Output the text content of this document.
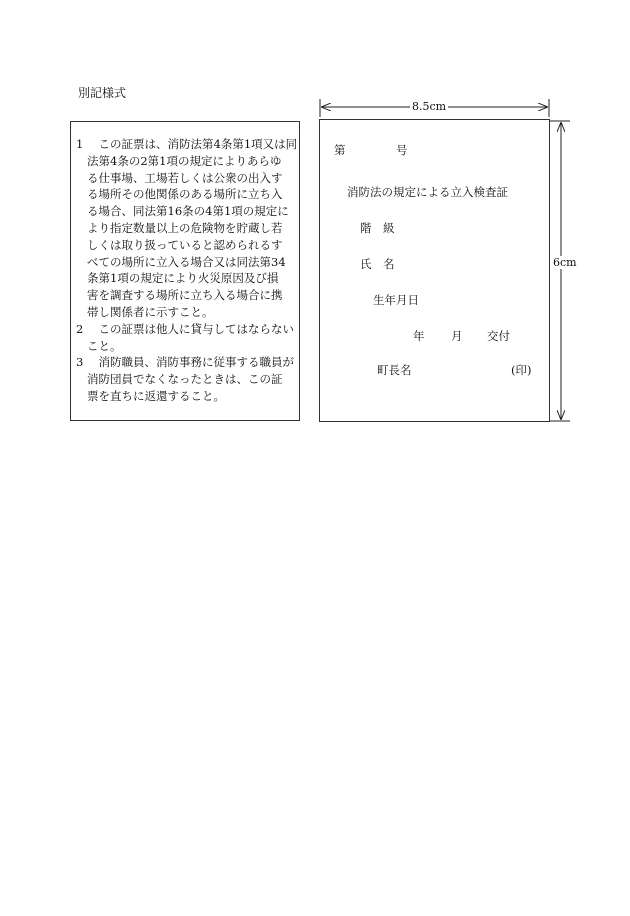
別記様式
1
　	この証票は、消防法第4条第1項又は同
法第4条の2第1項の規定によりあらゆ
る仕事場、工場若しくは公衆の出入す
る場所その他関係のある場所に立ち入
る場合、同法第16条の4第1項の規定に
より指定数量以上の危険物を貯蔵し若
しくは取り扱っていると認められるす
べての場所に立入る場合又は同法第34
条第1項の規定により火災原因及び損
害を調査する場所に立ち入る場合に携
帯し関係者に示すこと。
2
　	この証票は他人に貸与してはならない
こと。
3
　	消防職員、消防事務に従事する職員が
消防団員でなくなったときは、この証
票を直ちに返還すること。
第	号
消防法の規定による立入検査証
階　級
氏　名
生年月日
年 月 交付
町長名	(印)
8.5cm
6cm
